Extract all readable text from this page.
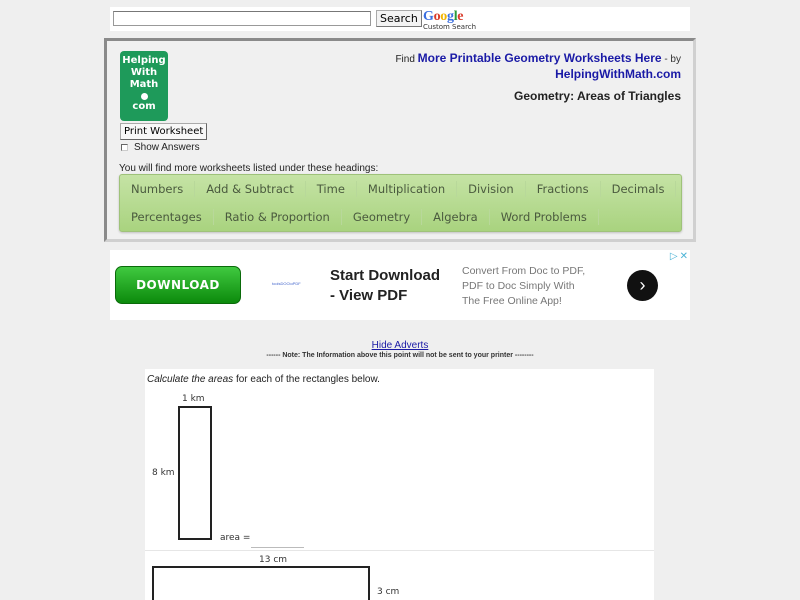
Search Google
Custom Search
Helping
With
Math
com
Print Worksheet
Show Answers
You will find more worksheets listed under these headings:
Find More Printable Geometry Worksheets Here - by
HelpingWithMath.com
Geometry: Areas of Triangles
Numbers	Add & Subtract	Time	Multiplication	Division	Fractions	Decimals
Percentages	Ratio & Proportion	Geometry	Algebra	Word Problems
DOWNLOAD	toolsDOCtoPDF Start Download
- View PDF
Convert From Doc to PDF,
PDF to Doc Simply With
The Free Online App!
›
▷ ✕
Hide Adverts
------ Note: The Information above this point will not be sent to your printer --------
Calculate the areas for each of the rectangles below.
1 km
8 km
area =
13 cm
3 cm
